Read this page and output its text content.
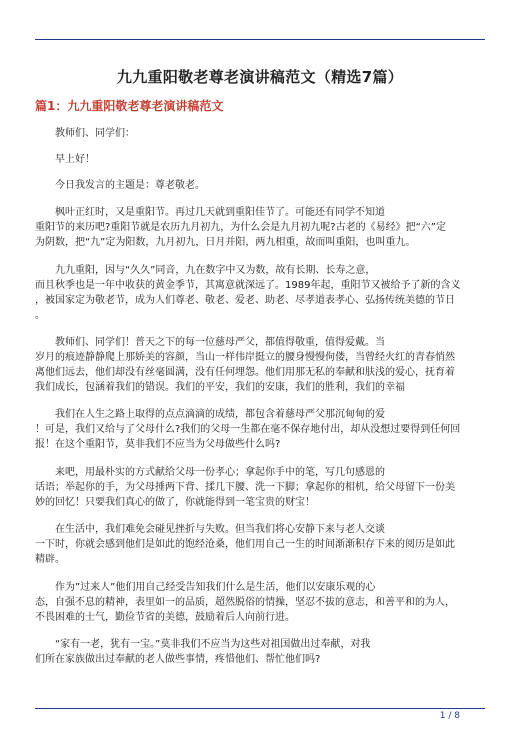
九九重阳敬老尊老演讲稿范文（精选7篇）
篇1：九九重阳敬老尊老演讲稿范文
教师们、同学们：
早上好！
今日我发言的主题是：尊老敬老。
枫叶正红时，又是重阳节。再过几天就到重阳佳节了。可能还有同学不知道
重阳节的来历吧?重阳节就是农历九月初九，为什么会是九月初九呢?古老的《易经》把“六”定
为阴数，把“九”定为阳数，九月初九，日月并阳，两九相重，故而叫重阳，也叫重九。
九九重阳，因与“久久”同音，九在数字中又为数，故有长期、长寿之意，
而且秋季也是一年中收获的黄金季节，其寓意就深远了。1989年起，重阳节又被给予了新的含义
，被国家定为敬老节，成为人们尊老、敬老、爱老、助老、尽孝道表孝心、弘扬传统美德的节日
。
教师们、同学们！普天之下的每一位慈母严父，都值得敬重，值得爱戴。当
岁月的痕迹静静爬上那娇美的容颜，当山一样伟岸挺立的腰身慢慢佝偻，当曾经火红的青春悄然
离他们远去，他们却没有丝毫圆满，没有任何埋怨。他们用那无私的奉献和肤浅的爱心，抚育着
我们成长，包涵着我们的错误。我们的平安，我们的安康，我们的胜利，我们的幸福
我们在人生之路上取得的点点滴滴的成绩，都包含着慈母严父那沉甸甸的爱
！可是，我们又给与了父母什么?我们的父母一生都在毫不保存地付出，却从没想过要得到任何回
报！在这个重阳节，莫非我们不应当为父母做些什么吗?
来吧，用最朴实的方式献给父母一份孝心；拿起你手中的笔，写几句感恩的
话语；举起你的手，为父母捶两下背、揉几下腰、洗一下脚；拿起你的相机，给父母留下一份美
妙的回忆！只要我们真心的做了，你就能得到一笔宝贵的财宝！
在生活中，我们难免会碰见挫折与失败。但当我们将心安静下来与老人交谈
一下时，你就会感到他们是如此的饱经沧桑，他们用自己一生的时间渐渐积存下来的阅历是如此
精辟。
作为”过来人”他们用自己经受告知我们什么是生活，他们以安康乐观的心
态，自强不息的精神，表里如一的品质，超然脱俗的情操，坚忍不拔的意志，和善平和的为人，
不畏困难的士气，勤俭节省的美德，鼓励着后人向前行进。
“家有一老，犹有一宝。”莫非我们不应当为这些对祖国做出过奉献，对我
们所在家族做出过奉献的老人做些事情，疼惜他们、帮忙他们吗?
1 / 8
